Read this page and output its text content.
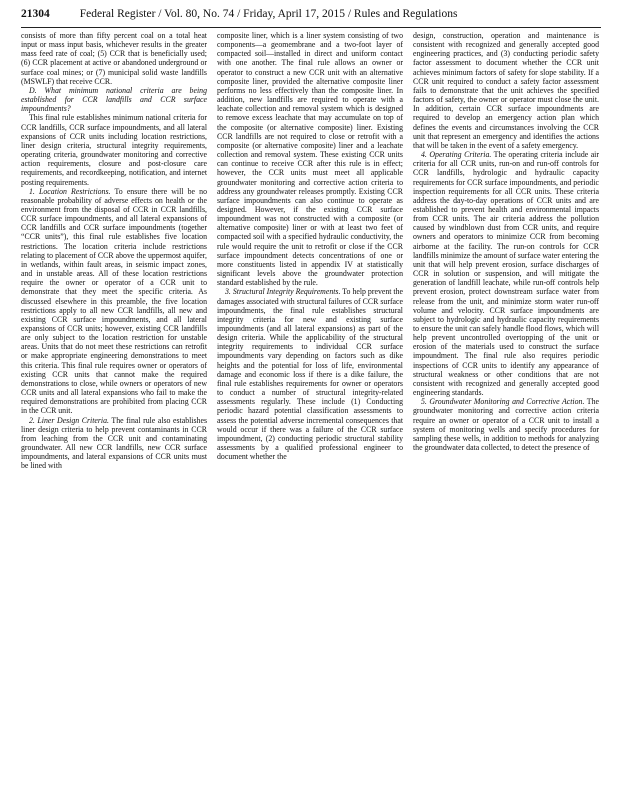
21304	Federal Register / Vol. 80, No. 74 / Friday, April 17, 2015 / Rules and Regulations

consists of more than fifty percent coal on a total heat input or mass input basis, whichever results in the greater mass feed rate of coal; (5) CCR that is beneficially used; (6) CCR placement at active or abandoned underground or surface coal mines; or (7) municipal solid waste landfills (MSWLF) that receive CCR.

D. What minimum national criteria are being established for CCR landfills and CCR surface impoundments?

This final rule establishes minimum national criteria for CCR landfills, CCR surface impoundments, and all lateral expansions of CCR units including location restrictions, liner design criteria, structural integrity requirements, operating criteria, groundwater monitoring and corrective action requirements, closure and post-closure care requirements, and recordkeeping, notification, and internet posting requirements.

1. Location Restrictions. To ensure there will be no reasonable probability of adverse effects on health or the environment from the disposal of CCR in CCR landfills, CCR surface impoundments, and all lateral expansions of CCR landfills and CCR surface impoundments (together “CCR units”), this final rule establishes five location restrictions. The location criteria include restrictions relating to placement of CCR above the uppermost aquifer, in wetlands, within fault areas, in seismic impact zones, and in unstable areas. All of these location restrictions require the owner or operator of a CCR unit to demonstrate that they meet the specific criteria. As discussed elsewhere in this preamble, the five location restrictions apply to all new CCR landfills, all new and existing CCR surface impoundments, and all lateral expansions of CCR units; however, existing CCR landfills are only subject to the location restriction for unstable areas. Units that do not meet these restrictions can retrofit or make appropriate engineering demonstrations to meet this criteria. This final rule requires owner or operators of existing CCR units that cannot make the required demonstrations to close, while owners or operators of new CCR units and all lateral expansions who fail to make the required demonstrations are prohibited from placing CCR in the CCR unit.

2. Liner Design Criteria. The final rule also establishes liner design criteria to help prevent contaminants in CCR from leaching from the CCR unit and contaminating groundwater. All new CCR landfills, new CCR surface impoundments, and lateral expansions of CCR units must be lined with

composite liner, which is a liner system consisting of two components—a geomembrane and a two-foot layer of compacted soil—installed in direct and uniform contact with one another. The final rule allows an owner or operator to construct a new CCR unit with an alternative composite liner, provided the alternative composite liner performs no less effectively than the composite liner. In addition, new landfills are required to operate with a leachate collection and removal system which is designed to remove excess leachate that may accumulate on top of the composite (or alternative composite) liner. Existing CCR landfills are not required to close or retrofit with a composite (or alternative composite) liner and a leachate collection and removal system. These existing CCR units can continue to receive CCR after this rule is in effect; however, the CCR units must meet all applicable groundwater monitoring and corrective action criteria to address any groundwater releases promptly. Existing CCR surface impoundments can also continue to operate as designed. However, if the existing CCR surface impoundment was not constructed with a composite (or alternative composite) liner or with at least two feet of compacted soil with a specified hydraulic conductivity, the rule would require the unit to retrofit or close if the CCR surface impoundment detects concentrations of one or more constituents listed in appendix IV at statistically significant levels above the groundwater protection standard established by the rule.

3. Structural Integrity Requirements. To help prevent the damages associated with structural failures of CCR surface impoundments, the final rule establishes structural integrity criteria for new and existing surface impoundments (and all lateral expansions) as part of the design criteria. While the applicability of the structural integrity requirements to individual CCR surface impoundments vary depending on factors such as dike heights and the potential for loss of life, environmental damage and economic loss if there is a dike failure, the final rule establishes requirements for owner or operators to conduct a number of structural integrity-related assessments regularly. These include (1) Conducting periodic hazard potential classification assessments to assess the potential adverse incremental consequences that would occur if there was a failure of the CCR surface impoundment, (2) conducting periodic structural stability assessments by a qualified professional engineer to document whether the

design, construction, operation and maintenance is consistent with recognized and generally accepted good engineering practices, and (3) conducting periodic safety factor assessment to document whether the CCR unit achieves minimum factors of safety for slope stability. If a CCR unit required to conduct a safety factor assessment fails to demonstrate that the unit achieves the specified factors of safety, the owner or operator must close the unit. In addition, certain CCR surface impoundments are required to develop an emergency action plan which defines the events and circumstances involving the CCR unit that represent an emergency and identifies the actions that will be taken in the event of a safety emergency.

4. Operating Criteria. The operating criteria include air criteria for all CCR units, run-on and run-off controls for CCR landfills, hydrologic and hydraulic capacity requirements for CCR surface impoundments, and periodic inspection requirements for all CCR units. These criteria address the day-to-day operations of CCR units and are established to prevent health and environmental impacts from CCR units. The air criteria address the pollution caused by windblown dust from CCR units, and require owners and operators to minimize CCR from becoming airborne at the facility. The run-on controls for CCR landfills minimize the amount of surface water entering the unit that will help prevent erosion, surface discharges of CCR in solution or suspension, and will mitigate the generation of landfill leachate, while run-off controls help prevent erosion, protect downstream surface water from release from the unit, and minimize storm water run-off volume and velocity. CCR surface impoundments are subject to hydrologic and hydraulic capacity requirements to ensure the unit can safely handle flood flows, which will help prevent uncontrolled overtopping of the unit or erosion of the materials used to construct the surface impoundment. The final rule also requires periodic inspections of CCR units to identify any appearance of structural weakness or other conditions that are not consistent with recognized and generally accepted good engineering standards.

5. Groundwater Monitoring and Corrective Action. The groundwater monitoring and corrective action criteria require an owner or operator of a CCR unit to install a system of monitoring wells and specify procedures for sampling these wells, in addition to methods for analyzing the groundwater data collected, to detect the presence of
